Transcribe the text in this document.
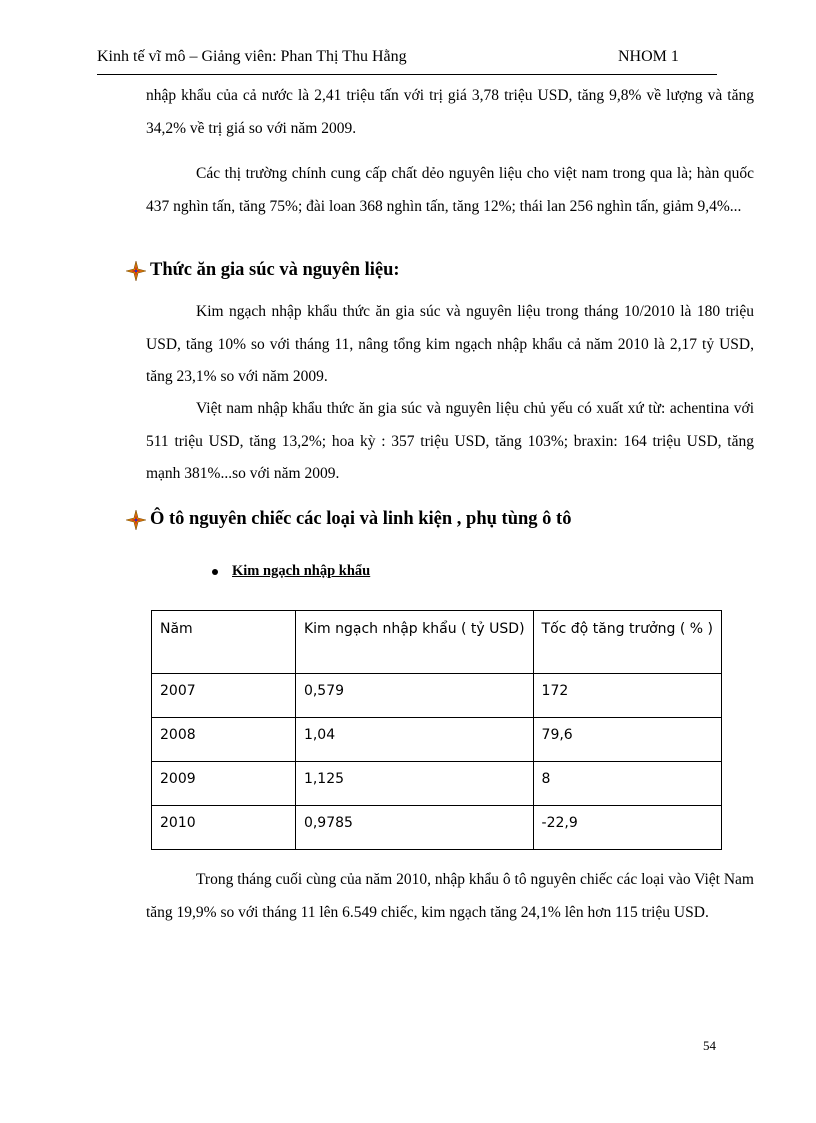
Kinh tế vĩ mô – Giảng viên: Phan Thị Thu Hằng	NHOM 1

nhập khẩu của cả nước là 2,41 triệu tấn với trị giá 3,78 triệu USD, tăng 9,8% về lượng và tăng 34,2% về trị giá so với năm 2009.

Các thị trường chính cung cấp chất dẻo nguyên liệu cho việt nam trong qua là; hàn quốc 437 nghìn tấn, tăng 75%; đài loan 368 nghìn tấn, tăng 12%; thái lan 256 nghìn tấn, giảm 9,4%...

Thức ăn gia súc và nguyên liệu:

Kim ngạch nhập khẩu thức ăn gia súc và nguyên liệu trong tháng 10/2010 là 180 triệu USD, tăng 10% so với tháng 11, nâng tổng kim ngạch nhập khẩu cả năm 2010 là 2,17 tỷ USD, tăng 23,1% so với năm 2009.

Việt nam nhập khẩu thức ăn gia súc và nguyên liệu chủ yếu có xuất xứ từ: achentina với 511 triệu USD, tăng 13,2%; hoa kỳ : 357 triệu USD, tăng 103%; braxin: 164 triệu USD, tăng mạnh 381%...so với năm 2009.

Ô tô nguyên chiếc các loại và linh kiện , phụ tùng ô tô
Kim ngạch nhập khẩu
Năm	Kim ngạch nhập khẩu ( tỷ USD)	Tốc độ tăng trưởng ( % )
2007	0,579	172
2008	1,04	79,6
2009	1,125	8
2010	0,9785	-22,9

Trong tháng cuối cùng của năm 2010, nhập khẩu ô tô nguyên chiếc các loại vào Việt Nam tăng 19,9% so với tháng 11 lên 6.549 chiếc, kim ngạch tăng 24,1% lên hơn 115 triệu USD.

54
